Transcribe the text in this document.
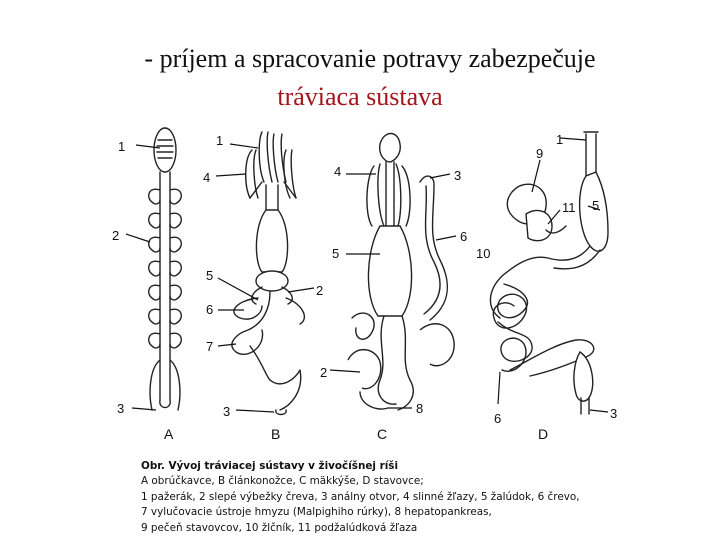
- príjem a spracovanie potravy zabezpečuje
tráviaca sústava
1
2
3
1
4
5
6
7
3
4	3
6
5
2
2
8
9
1
11 5
10
6	3
A	B	C	D
Obr. Vývoj tráviacej sústavy v živočíšnej ríši
A obrúčkavce, B článkonožce, C mäkkýše, D stavovce;
1 pažerák, 2 slepé výbežky čreva, 3 análny otvor, 4 slinné žľazy, 5 žalúdok, 6 črevo,
7 vylučovacie ústroje hmyzu (Malpighiho rúrky), 8 hepatopankreas,
9 pečeň stavovcov, 10 žlčník, 11 podžalúdková žľaza
